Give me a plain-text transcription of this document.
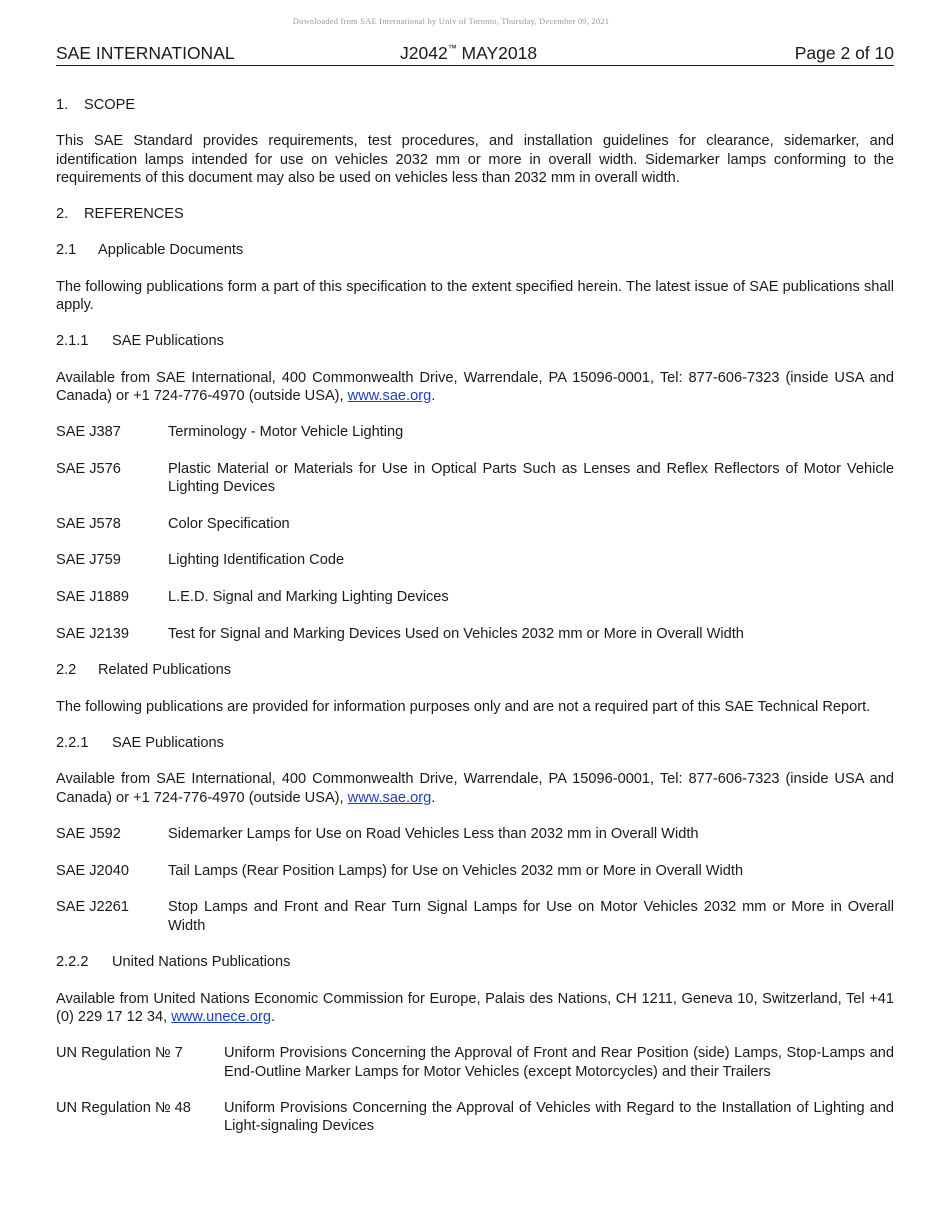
Downloaded from SAE International by Univ of Toronto, Thursday, December 09, 2021
SAE INTERNATIONAL	J2042™ MAY2018	Page 2 of 10
1. SCOPE

This SAE Standard provides requirements, test procedures, and installation guidelines for clearance, sidemarker, and identification lamps intended for use on vehicles 2032 mm or more in overall width. Sidemarker lamps conforming to the requirements of this document may also be used on vehicles less than 2032 mm in overall width.

2. REFERENCES
2.1 Applicable Documents

The following publications form a part of this specification to the extent specified herein. The latest issue of SAE publications shall apply.

2.1.1 SAE Publications

Available from SAE International, 400 Commonwealth Drive, Warrendale, PA 15096-0001, Tel: 877-606-7323 (inside USA and Canada) or +1 724-776-4970 (outside USA), www.sae.org.

SAE J387	Terminology - Motor Vehicle Lighting
SAE J576	Plastic Material or Materials for Use in Optical Parts Such as Lenses and Reflex Reflectors of Motor Vehicle Lighting Devices
SAE J578	Color Specification
SAE J759	Lighting Identification Code
SAE J1889	L.E.D. Signal and Marking Lighting Devices
SAE J2139	Test for Signal and Marking Devices Used on Vehicles 2032 mm or More in Overall Width
2.2 Related Publications

The following publications are provided for information purposes only and are not a required part of this SAE Technical Report.

2.2.1 SAE Publications

Available from SAE International, 400 Commonwealth Drive, Warrendale, PA 15096-0001, Tel: 877-606-7323 (inside USA and Canada) or +1 724-776-4970 (outside USA), www.sae.org.

SAE J592	Sidemarker Lamps for Use on Road Vehicles Less than 2032 mm in Overall Width
SAE J2040	Tail Lamps (Rear Position Lamps) for Use on Vehicles 2032 mm or More in Overall Width
SAE J2261	Stop Lamps and Front and Rear Turn Signal Lamps for Use on Motor Vehicles 2032 mm or More in Overall Width
2.2.2 United Nations Publications

Available from United Nations Economic Commission for Europe, Palais des Nations, CH 1211, Geneva 10, Switzerland, Tel +41 (0) 229 17 12 34, www.unece.org.

UN Regulation № 7	Uniform Provisions Concerning the Approval of Front and Rear Position (side) Lamps, Stop-Lamps and End-Outline Marker Lamps for Motor Vehicles (except Motorcycles) and their Trailers
UN Regulation № 48	Uniform Provisions Concerning the Approval of Vehicles with Regard to the Installation of Lighting and Light-signaling Devices
